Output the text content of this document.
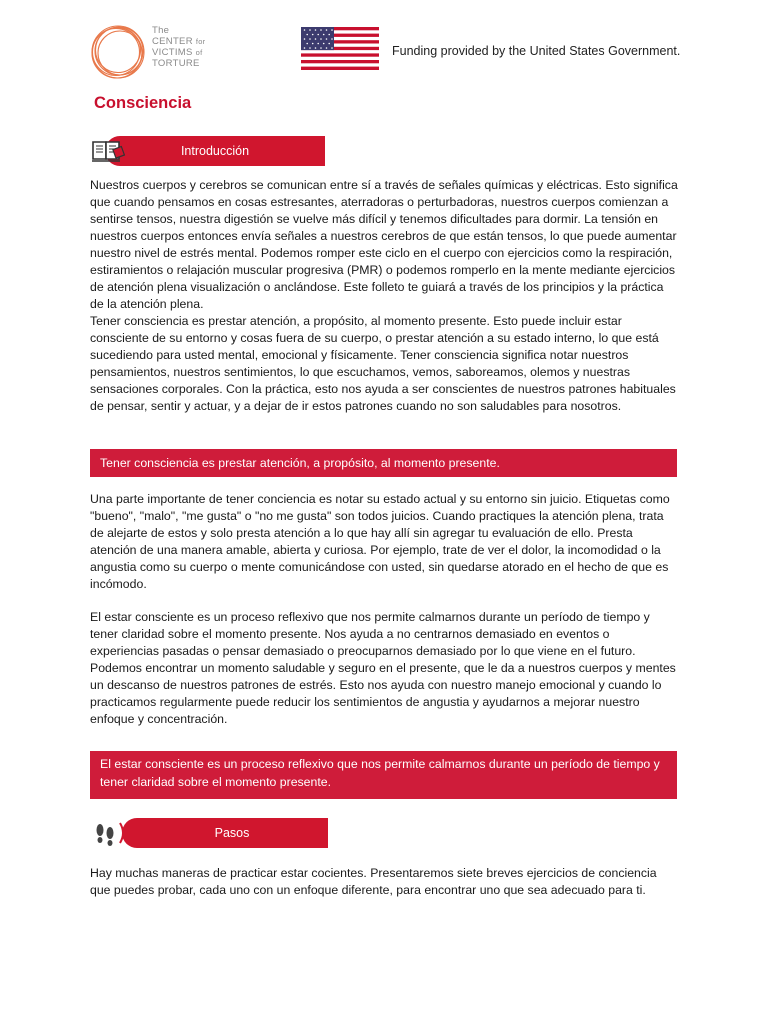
The
CENTER for
VICTIMS of
TORTURE
Funding provided by the United States Government.
Consciencia
Introducción

Nuestros cuerpos y cerebros se comunican entre sí a través de señales químicas y eléctricas. Esto significa que cuando pensamos en cosas estresantes, aterradoras o perturbadoras, nuestros cuerpos comienzan a sentirse tensos, nuestra digestión se vuelve más difícil y tenemos dificultades para dormir. La tensión en nuestros cuerpos entonces envía señales a nuestros cerebros de que están tensos, lo que puede aumentar nuestro nivel de estrés mental. Podemos romper este ciclo en el cuerpo con ejercicios como la respiración, estiramientos o relajación muscular progresiva (PMR) o podemos romperlo en la mente mediante ejercicios de atención plena visualización o anclándose. Este folleto te guiará a través de los principios y la práctica de la atención plena.

Tener consciencia es prestar atención, a propósito, al momento presente. Esto puede incluir estar consciente de su entorno y cosas fuera de su cuerpo, o prestar atención a su estado interno, lo que está sucediendo para usted mental, emocional y físicamente. Tener consciencia significa notar nuestros pensamientos, nuestros sentimientos, lo que escuchamos, vemos, saboreamos, olemos y nuestras sensaciones corporales. Con la práctica, esto nos ayuda a ser conscientes de nuestros patrones habituales de pensar, sentir y actuar, y a dejar de ir estos patrones cuando no son saludables para nosotros.

Tener consciencia es prestar atención, a propósito, al momento presente.

Una parte importante de tener conciencia es notar su estado actual y su entorno sin juicio. Etiquetas como "bueno", "malo", "me gusta" o "no me gusta" son todos juicios. Cuando practiques la atención plena, trata de alejarte de estos y solo presta atención a lo que hay allí sin agregar tu evaluación de ello. Presta atención de una manera amable, abierta y curiosa. Por ejemplo, trate de ver el dolor, la incomodidad o la angustia como su cuerpo o mente comunicándose con usted, sin quedarse atorado en el hecho de que es incómodo.

El estar consciente es un proceso reflexivo que nos permite calmarnos durante un período de tiempo y tener claridad sobre el momento presente. Nos ayuda a no centrarnos demasiado en eventos o experiencias pasadas o pensar demasiado o preocuparnos demasiado por lo que viene en el futuro. Podemos encontrar un momento saludable y seguro en el presente, que le da a nuestros cuerpos y mentes un descanso de nuestros patrones de estrés. Esto nos ayuda con nuestro manejo emocional y cuando lo practicamos regularmente puede reducir los sentimientos de angustia y ayudarnos a mejorar nuestro enfoque y concentración.

El estar consciente es un proceso reflexivo que nos permite calmarnos durante un período de tiempo y tener claridad sobre el momento presente.
Pasos

Hay muchas maneras de practicar estar cocientes. Presentaremos siete breves ejercicios de conciencia que puedes probar, cada uno con un enfoque diferente, para encontrar uno que sea adecuado para ti.
